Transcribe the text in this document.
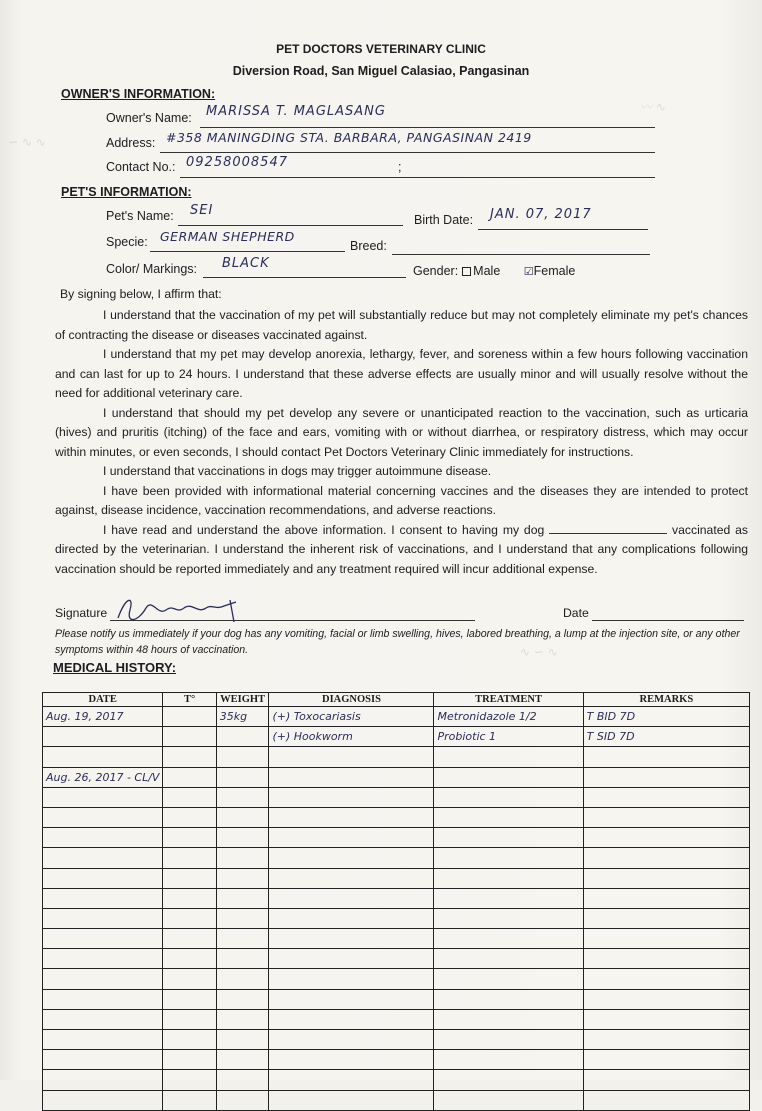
〰 ∿
∽ ∿ ∿
∿ ∽ ∿
PET DOCTORS VETERINARY CLINIC
Diversion Road, San Miguel Calasiao, Pangasinan
OWNER'S INFORMATION:
Owner's Name: MARISSA T. MAGLASANG
Address: #358 MANINGDING STA. BARBARA, PANGASINAN 2419
Contact No.: 09258008547	;
PET'S INFORMATION:
Pet's Name: SEI
Birth Date: JAN. 07, 2017
Specie: GERMAN SHEPHERD
Breed:
Color/ Markings: BLACK	Gender: Male ☑Female
By signing below, I affirm that:

I understand that the vaccination of my pet will substantially reduce but may not completely eliminate my pet's chances of contracting the disease or diseases vaccinated against.

I understand that my pet may develop anorexia, lethargy, fever, and soreness within a few hours following vaccination and can last for up to 24 hours. I understand that these adverse effects are usually minor and will usually resolve without the need for additional veterinary care.

I understand that should my pet develop any severe or unanticipated reaction to the vaccination, such as urticaria (hives) and pruritis (itching) of the face and ears, vomiting with or without diarrhea, or respiratory distress, which may occur within minutes, or even seconds, I should contact Pet Doctors Veterinary Clinic immediately for instructions.

I understand that vaccinations in dogs may trigger autoimmune disease.

I have been provided with informational material concerning vaccines and the diseases they are intended to protect against, disease incidence, vaccination recommendations, and adverse reactions.

I have read and understand the above information. I consent to having my dog	vaccinated as directed by the veterinarian. I understand the inherent risk of vaccinations, and I understand that any complications following vaccination should be reported immediately and any treatment required will incur additional expense.

Signature	Date
Please notify us immediately if your dog has any vomiting, facial or limb swelling, hives, labored breathing, a lump at the injection site, or any other symptoms within 48 hours of vaccination.
MEDICAL HISTORY:
DATE	T°	WEIGHT	DIAGNOSIS	TREATMENT	REMARKS
Aug. 19, 2017		35kg	(+) Toxocariasis	Metronidazole 1/2	T BID 7D
			(+) Hookworm	Probiotic 1	T SID 7D

Aug. 26, 2017 - CL/V					
